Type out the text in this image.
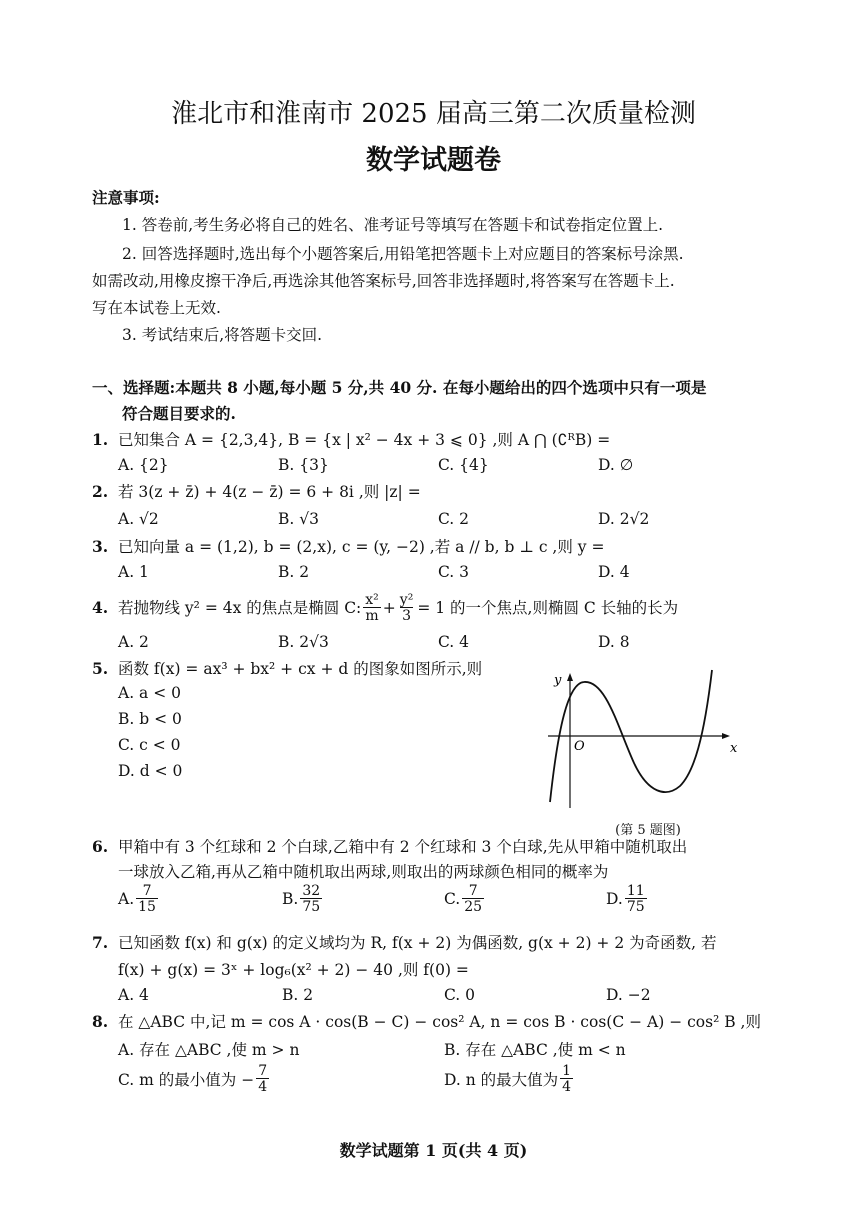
淮北市和淮南市 2025 届高三第二次质量检测
数学试题卷
注意事项:
1. 答卷前,考生务必将自己的姓名、准考证号等填写在答题卡和试卷指定位置上.
2. 回答选择题时,选出每个小题答案后,用铅笔把答题卡上对应题目的答案标号涂黑.
如需改动,用橡皮擦干净后,再选涂其他答案标号,回答非选择题时,将答案写在答题卡上.
写在本试卷上无效.
3. 考试结束后,将答题卡交回.
一、选择题:本题共 8 小题,每小题 5 分,共 40 分. 在每小题给出的四个选项中只有一项是
符合题目要求的.
1. 已知集合 A = {2,3,4}, B = {x | x² − 4x + 3 ⩽ 0} ,则 A ⋂ (∁ᴿB) =
A. {2}	B. {3}	C. {4}	D. ∅
2. 若 3(z + z̄) + 4(z − z̄) = 6 + 8i ,则 |z| =
A. √2	B. √3	C. 2	D. 2√2
3. 已知向量 a = (1,2), b = (2,x), c = (y, −2) ,若 a // b, b ⊥ c ,则 y =
A. 1	B. 2	C. 3	D. 4
4. 若抛物线 y² = 4x 的焦点是椭圆 C: $\frac{\text{x²}}{m} + \frac{\text{y²}}{3} = 1$ 的一个焦点,则椭圆 C 长轴的长为
A. 2	B. 2√3	C. 4	D. 8
5. 函数 f(x) = ax³ + bx² + cx + d 的图象如图所示,则
A. a < 0
B. b < 0
C. c < 0
D. d < 0
x
y
O
(第 5 题图)
6. 甲箱中有 3 个红球和 2 个白球,乙箱中有 2 个红球和 3 个白球,先从甲箱中随机取出
一球放入乙箱,再从乙箱中随机取出两球,则取出的两球颜色相同的概率为
A. $\frac{7}{15}$	B. $\frac{32}{75}$	C. $\frac{7}{25}$	D. $\frac{11}{75}$
7. 已知函数 f(x) 和 g(x) 的定义域均为 R, f(x + 2) 为偶函数, g(x + 2) + 2 为奇函数, 若
f(x) + g(x) = 3ˣ + log₆(x² + 2) − 40 ,则 f(0) =
A. 4	B. 2	C. 0	D. −2
8. 在 △ABC 中,记 m = cos A · cos(B − C) − cos² A, n = cos B · cos(C − A) − cos² B ,则
A. 存在 △ABC ,使 m > n	B. 存在 △ABC ,使 m < n
C. m 的最小值为 − $\frac{7}{4}$	D. n 的最大值为 $\frac{1}{4}$
数学试题第 1 页(共 4 页)
